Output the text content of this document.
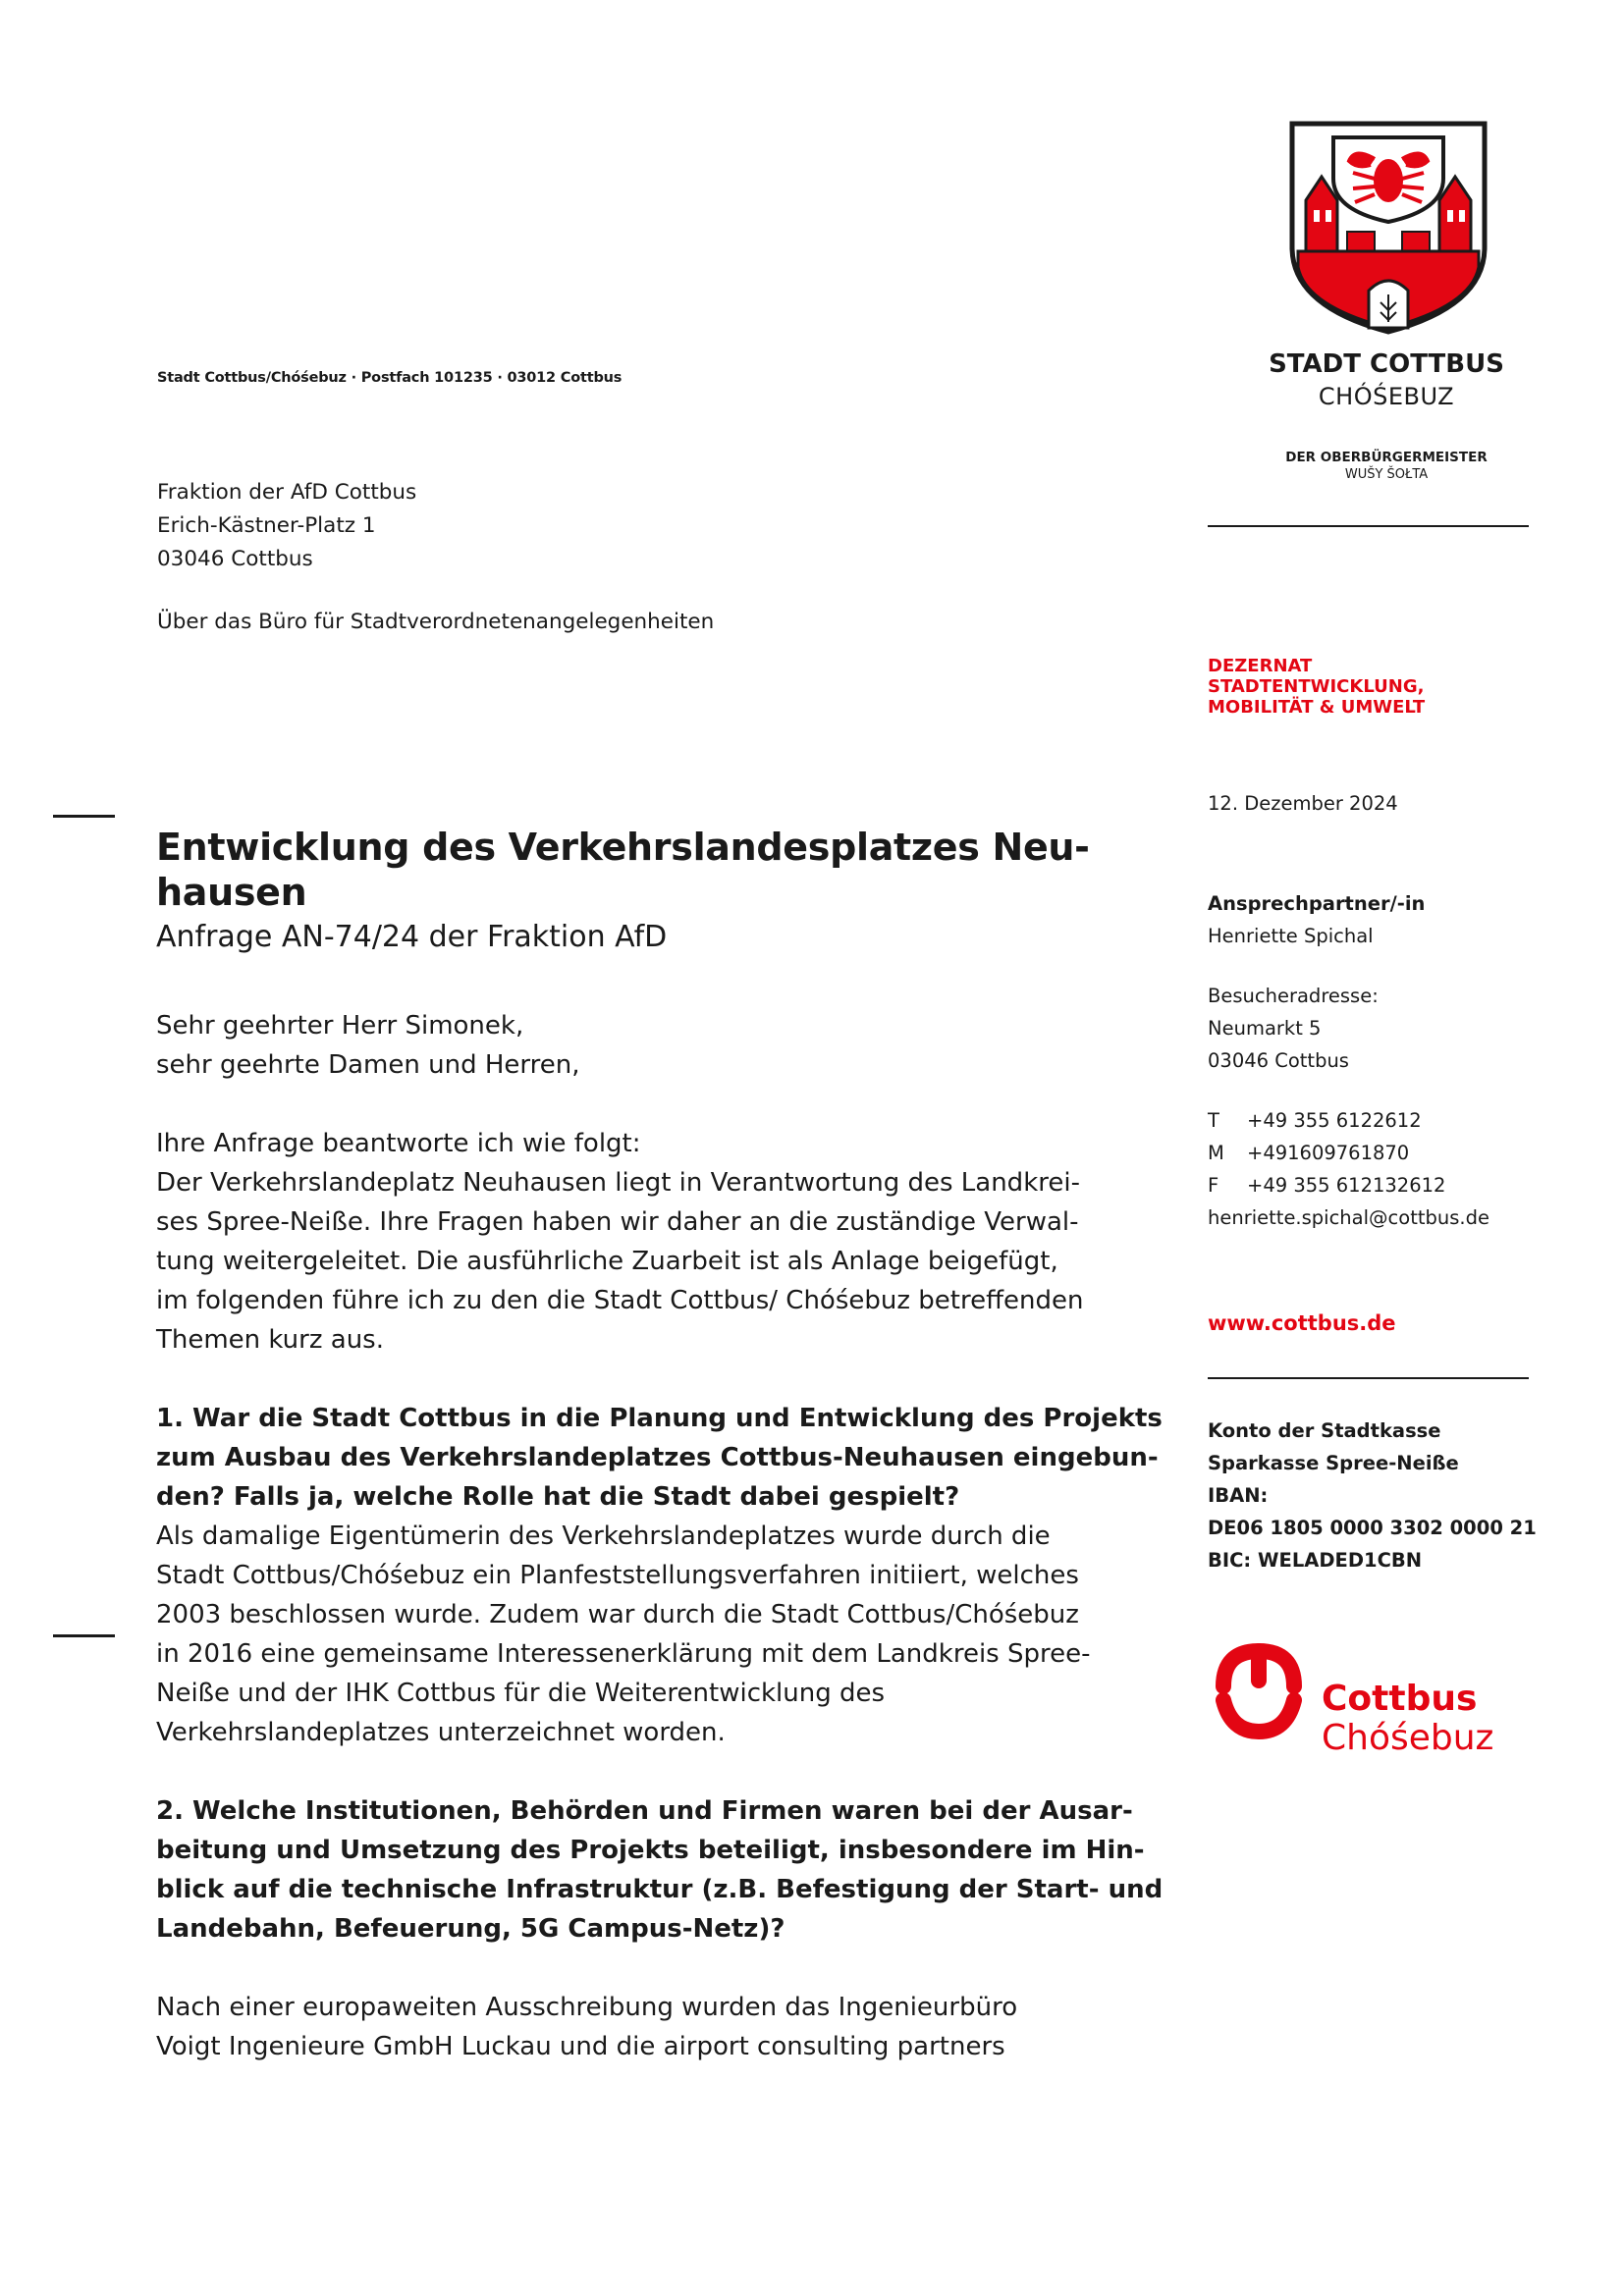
STADT COTTBUS
CHÓŚEBUZ
DER OBERBÜRGERMEISTER
WUŠY ŠOŁTA
DEZERNAT
STADTENTWICKLUNG,
MOBILITÄT & UMWELT
Stadt Cottbus/Chóśebuz · Postfach 101235 · 03012 Cottbus
Fraktion der AfD Cottbus
Erich-Kästner-Platz 1
03046 Cottbus
Über das Büro für Stadtverordnetenangelegenheiten
12. Dezember 2024
Ansprechpartner/-in
Henriette Spichal
Besucheradresse:
Neumarkt 5
03046 Cottbus
T +49 355 6122612
M +491609761870
F +49 355 612132612
henriette.spichal@cottbus.de
www.cottbus.de
Konto der Stadtkasse
Sparkasse Spree-Neiße
IBAN:
DE06 1805 0000 3302 0000 21
BIC: WELADED1CBN
Cottbus
Chóśebuz
Entwicklung des Verkehrslandesplatzes Neu-
hausen
Anfrage AN-74/24 der Fraktion AfD
Sehr geehrter Herr Simonek,
sehr geehrte Damen und Herren,
Ihre Anfrage beantworte ich wie folgt:
Der Verkehrslandeplatz Neuhausen liegt in Verantwortung des Landkrei-
ses Spree-Neiße. Ihre Fragen haben wir daher an die zuständige Verwal-
tung weitergeleitet. Die ausführliche Zuarbeit ist als Anlage beigefügt,
im folgenden führe ich zu den die Stadt Cottbus/ Chóśebuz betreffenden
Themen kurz aus.
1. War die Stadt Cottbus in die Planung und Entwicklung des Projekts
zum Ausbau des Verkehrslandeplatzes Cottbus-Neuhausen eingebun-
den? Falls ja, welche Rolle hat die Stadt dabei gespielt?
Als damalige Eigentümerin des Verkehrslandeplatzes wurde durch die
Stadt Cottbus/Chóśebuz ein Planfeststellungsverfahren initiiert, welches
2003 beschlossen wurde. Zudem war durch die Stadt Cottbus/Chóśebuz
in 2016 eine gemeinsame Interessenerklärung mit dem Landkreis Spree-
Neiße und der IHK Cottbus für die Weiterentwicklung des
Verkehrslandeplatzes unterzeichnet worden.
2. Welche Institutionen, Behörden und Firmen waren bei der Ausar-
beitung und Umsetzung des Projekts beteiligt, insbesondere im Hin-
blick auf die technische Infrastruktur (z.B. Befestigung der Start- und
Landebahn, Befeuerung, 5G Campus-Netz)?
Nach einer europaweiten Ausschreibung wurden das Ingenieurbüro
Voigt Ingenieure GmbH Luckau und die airport consulting partners
